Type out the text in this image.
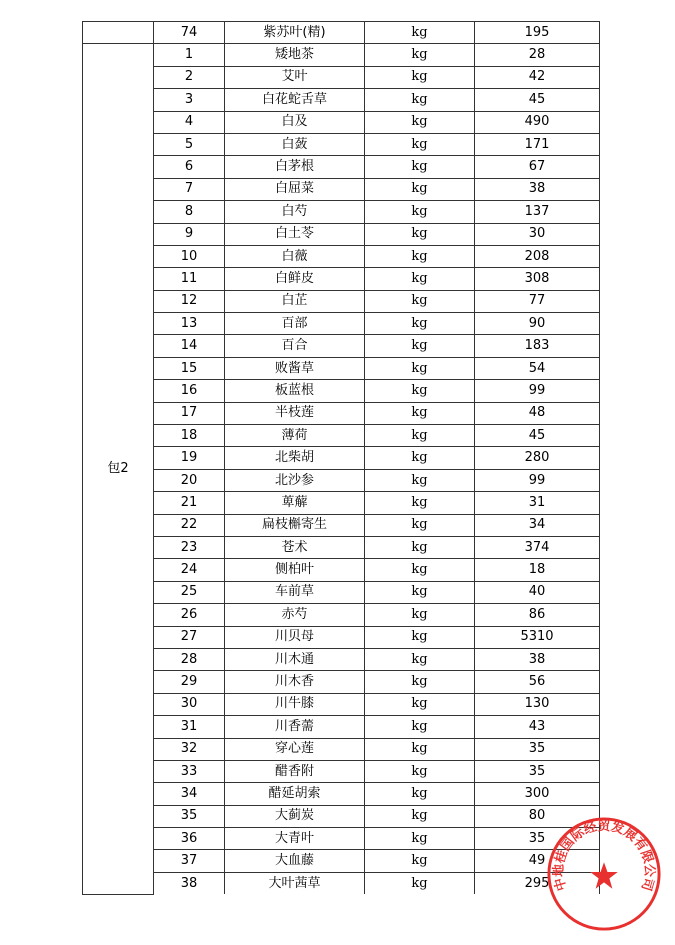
	74	紫苏叶(精)	kg	195
包2	1	矮地茶	kg	28
	2	艾叶	kg	42
	3	白花蛇舌草	kg	45
	4	白及	kg	490
	5	白蔹	kg	171
	6	白茅根	kg	67
	7	白屈菜	kg	38
	8	白芍	kg	137
	9	白土苓	kg	30
	10	白薇	kg	208
	11	白鲜皮	kg	308
	12	白芷	kg	77
	13	百部	kg	90
	14	百合	kg	183
	15	败酱草	kg	54
	16	板蓝根	kg	99
	17	半枝莲	kg	48
	18	薄荷	kg	45
	19	北柴胡	kg	280
	20	北沙参	kg	99
	21	萆薢	kg	31
	22	扁枝槲寄生	kg	34
	23	苍术	kg	374
	24	侧柏叶	kg	18
	25	车前草	kg	40
	26	赤芍	kg	86
	27	川贝母	kg	5310
	28	川木通	kg	38
	29	川木香	kg	56
	30	川牛膝	kg	130
	31	川香薷	kg	43
	32	穿心莲	kg	35
	33	醋香附	kg	35
	34	醋延胡索	kg	300
	35	大蓟炭	kg	80
	36	大青叶	kg	35
	37	大血藤	kg	49
	38	大叶茜草	kg	295 中地桂国际经贸发展有限公司
